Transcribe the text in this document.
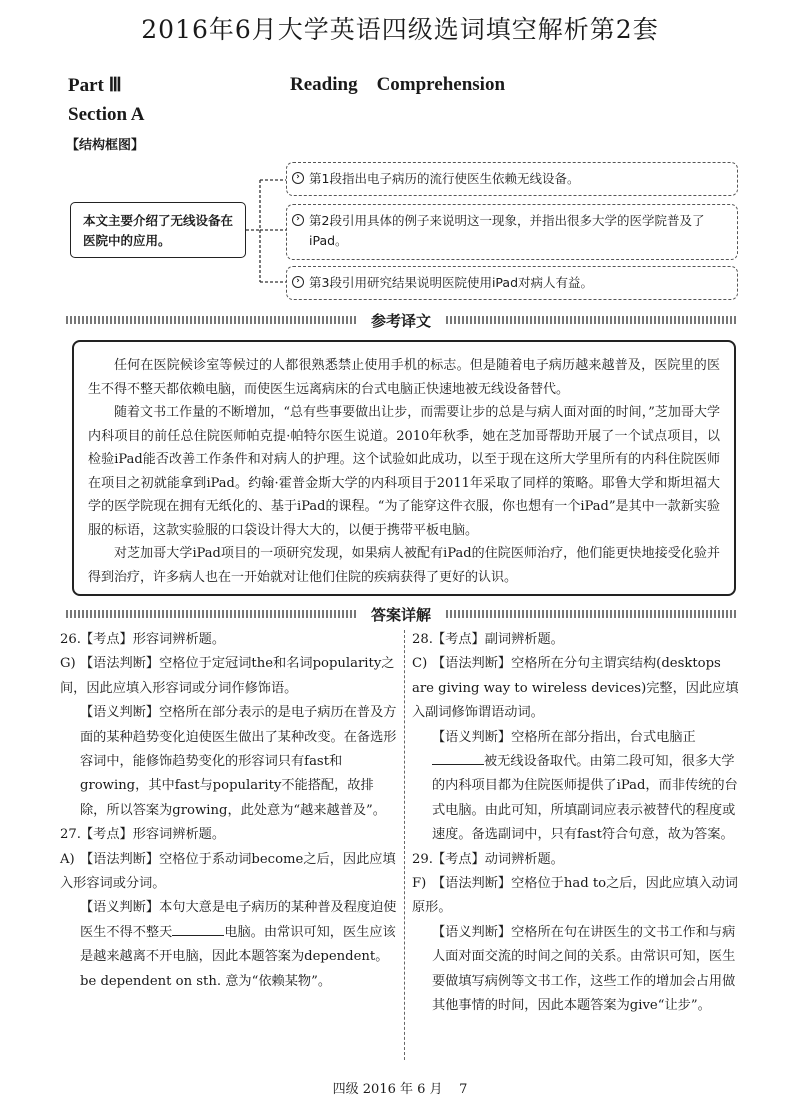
2016年6月大学英语四级选词填空解析第2套
Part Ⅲ	Reading    Comprehension
Section A
【结构框图】
本文主要介绍了无线设备在医院中的应用。
› 第1段指出电子病历的流行使医生依赖无线设备。
› 第2段引用具体的例子来说明这一现象，并指出很多大学的医学院普及了iPad。
› 第3段引用研究结果说明医院使用iPad对病人有益。
参考译文

任何在医院候诊室等候过的人都很熟悉禁止使用手机的标志。但是随着电子病历越来越普及，医院里的医生不得不整天都依赖电脑，而使医生远离病床的台式电脑正快速地被无线设备替代。

随着文书工作量的不断增加，“总有些事要做出让步，而需要让步的总是与病人面对面的时间，”芝加哥大学内科项目的前任总住院医师帕克提·帕特尔医生说道。2010年秋季，她在芝加哥帮助开展了一个试点项目，以检验iPad能否改善工作条件和对病人的护理。这个试验如此成功，以至于现在这所大学里所有的内科住院医师在项目之初就能拿到iPad。约翰·霍普金斯大学的内科项目于2011年采取了同样的策略。耶鲁大学和斯坦福大学的医学院现在拥有无纸化的、基于iPad的课程。“为了能穿这件衣服，你也想有一个iPad”是其中一款新实验服的标语，这款实验服的口袋设计得大大的，以便于携带平板电脑。

对芝加哥大学iPad项目的一项研究发现，如果病人被配有iPad的住院医师治疗，他们能更快地接受化验并得到治疗，许多病人也在一开始就对让他们住院的疾病获得了更好的认识。

答案详解

26.【考点】形容词辨析题。

G) 【语法判断】空格位于定冠词the和名词popularity之间，因此应填入形容词或分词作修饰语。

【语义判断】空格所在部分表示的是电子病历在普及方面的某种趋势变化迫使医生做出了某种改变。在备选形容词中，能修饰趋势变化的形容词只有fast和growing，其中fast与popularity不能搭配，故排除，所以答案为growing，此处意为“越来越普及”。

27.【考点】形容词辨析题。

A) 【语法判断】空格位于系动词become之后，因此应填入形容词或分词。

【语义判断】本句大意是电子病历的某种普及程度迫使医生不得不整天	电脑。由常识可知，医生应该是越来越离不开电脑，因此本题答案为dependent。be dependent on sth. 意为“依赖某物”。

28.【考点】副词辨析题。

C) 【语法判断】空格所在分句主谓宾结构(desktops are giving way to wireless devices)完整，因此应填入副词修饰谓语动词。

【语义判断】空格所在部分指出，台式电脑正被无线设备取代。由第二段可知，很多大学的内科项目都为住院医师提供了iPad，而非传统的台式电脑。由此可知，所填副词应表示被替代的程度或速度。备选副词中，只有fast符合句意，故为答案。

29.【考点】动词辨析题。

F) 【语法判断】空格位于had to之后，因此应填入动词原形。

【语义判断】空格所在句在讲医生的文书工作和与病人面对面交流的时间之间的关系。由常识可知，医生要做填写病例等文书工作，这些工作的增加会占用做其他事情的时间，因此本题答案为give“让步”。

四级 2016 年 6 月    7
